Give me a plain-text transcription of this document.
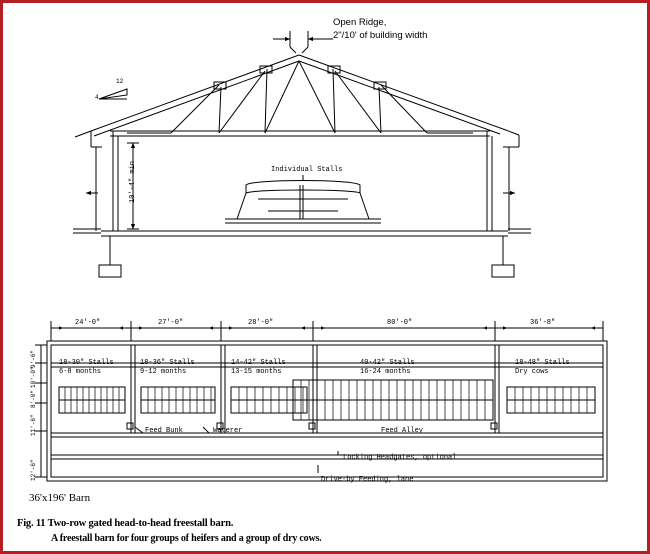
Open Ridge,
2"/10' of building width
Individual Stalls
10'-4" min
12
4
24'-0"	27'-0"	28'-0"	80'-0"	36'-8"
9'-6"
10'-0"
8'-0"
11'-6"
12'-6"
18-30" Stalls
6-8 months
18-36" Stalls
9-12 months
14-42" Stalls
13-15 months
40-42" Stalls
16-24 months
18-48" Stalls
Dry cows
Feed Bunk	Waterer	Feed Alley
Locking Headgates, optional
Drive-by Feeding, lane
36'x196' Barn
Fig. 11 Two-row gated head-to-head freestall barn.
A freestall barn for four groups of heifers and a group of dry cows.
